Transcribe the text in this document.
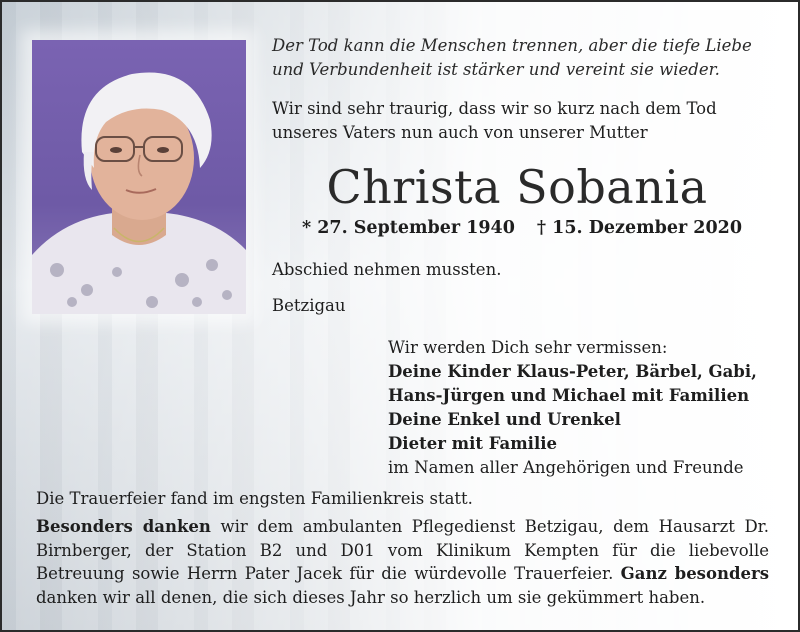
Der Tod kann die Menschen trennen, aber die tiefe Liebe
und Verbundenheit ist stärker und vereint sie wieder.
Wir sind sehr traurig, dass wir so kurz nach dem Tod
unseres Vaters nun auch von unserer Mutter
Christa Sobania
* 27. September 1940 † 15. Dezember 2020
Abschied nehmen mussten.
Betzigau
Wir werden Dich sehr vermissen:
Deine Kinder Klaus-Peter, Bärbel, Gabi,
Hans-Jürgen und Michael mit Familien
Deine Enkel und Urenkel
Dieter mit Familie
im Namen aller Angehörigen und Freunde
Die Trauerfeier fand im engsten Familienkreis statt.
Besonders danken wir dem ambulanten Pflegedienst Betzigau, dem Hausarzt Dr. Birnberger, der Station B2 und D01 vom Klinikum Kempten für die liebevolle Betreuung sowie Herrn Pater Jacek für die würdevolle Trauerfeier. Ganz besonders danken wir all denen, die sich dieses Jahr so herzlich um sie gekümmert haben.
